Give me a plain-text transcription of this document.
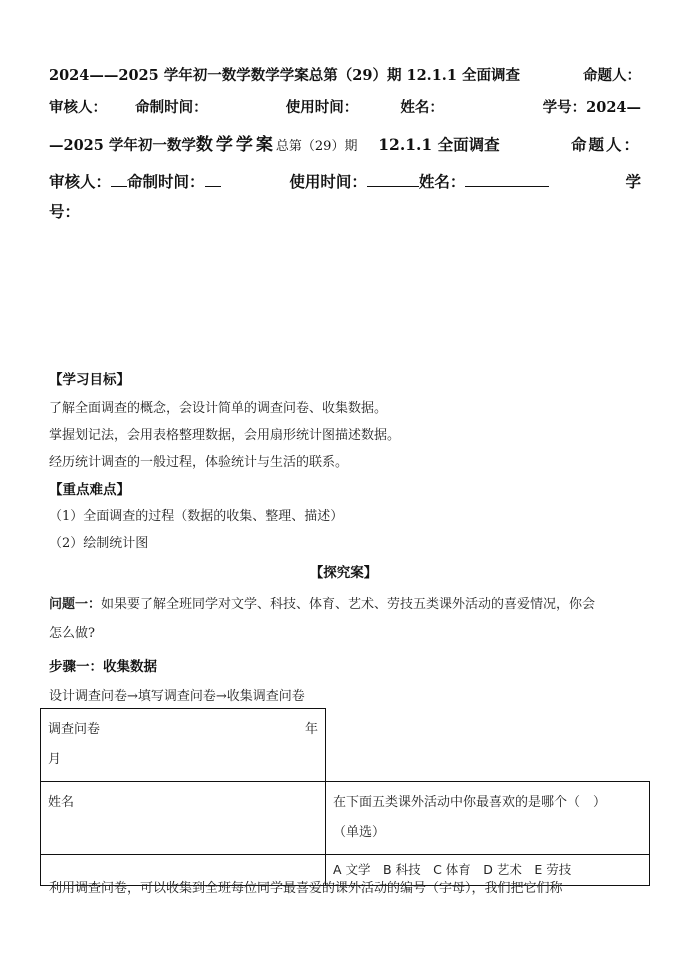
2024——2025 学年初一数学数学学案总第（29）期 12.1.1 全面调查	命题人：
审核人： 命制时间：	使用时间：	姓名：	学号：2024—
—2025 学年初一数学数学学案总第（29）期 12.1.1 全面调查	命题人：
审核人： 命制时间：	使用时间：	姓名：	学
号：
【学习目标】
了解全面调查的概念，会设计简单的调查问卷、收集数据。
掌握划记法，会用表格整理数据，会用扇形统计图描述数据。
经历统计调查的一般过程，体验统计与生活的联系。
【重点难点】
（1）全面调查的过程（数据的收集、整理、描述）
（2）绘制统计图
【探究案】
问题一：如果要了解全班同学对文学、科技、体育、艺术、劳技五类课外活动的喜爱情况，你会
怎么做?
步骤一：收集数据
设计调查问卷→填写调查问卷→收集调查问卷
调查问卷 年

月	
姓名	在下面五类课外活动中你最喜欢的是哪个（　）
（单选）
	A 文学　B 科技　C 体育　D 艺术　E 劳技
利用调查问卷，可以收集到全班每位同学最喜爱的课外活动的编号（字母），我们把它们称
